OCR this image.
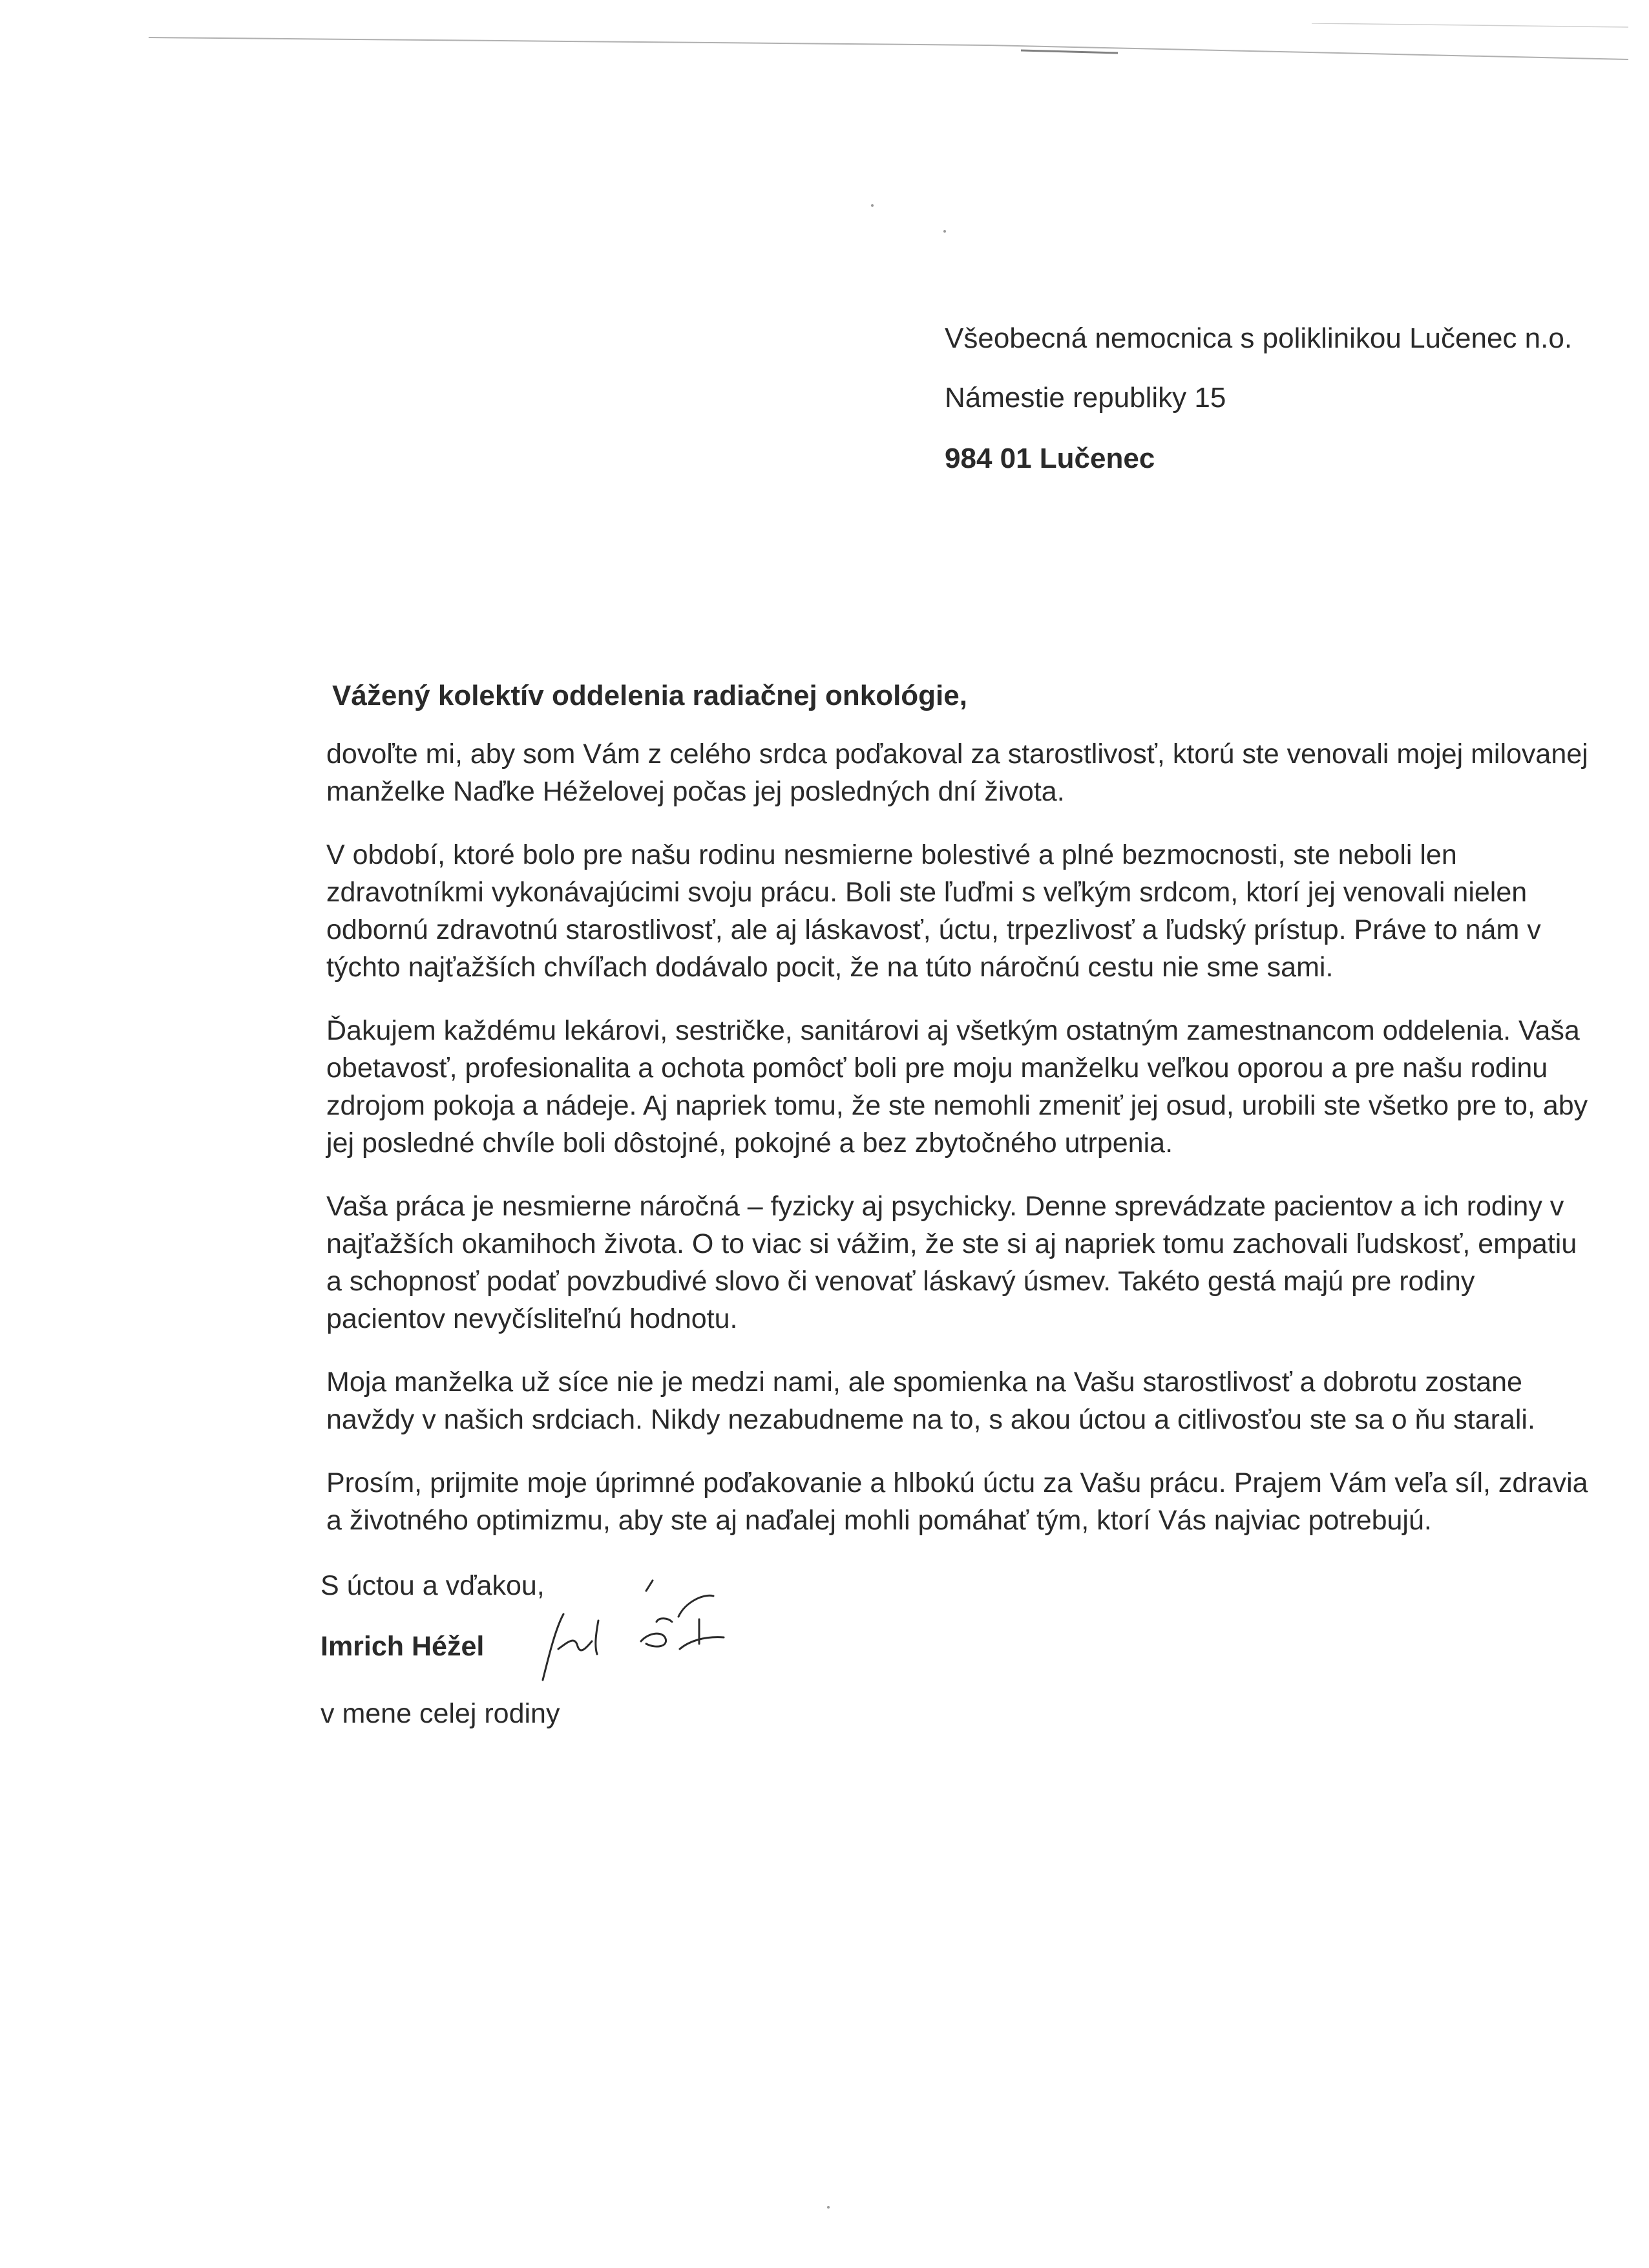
Všeobecná nemocnica s poliklinikou Lučenec n.o.
Námestie republiky 15
984 01 Lučenec
Vážený kolektív oddelenia radiačnej onkológie,

dovoľte mi, aby som Vám z celého srdca poďakoval za starostlivosť, ktorú ste venovali mojej milovanej manželke Naďke Héželovej počas jej posledných dní života.

V období, ktoré bolo pre našu rodinu nesmierne bolestivé a plné bezmocnosti, ste neboli len zdravotníkmi vykonávajúcimi svoju prácu. Boli ste ľuďmi s veľkým srdcom, ktorí jej venovali nielen odbornú zdravotnú starostlivosť, ale aj láskavosť, úctu, trpezlivosť a ľudský prístup. Práve to nám v týchto najťažších chvíľach dodávalo pocit, že na túto náročnú cestu nie sme sami.

Ďakujem každému lekárovi, sestričke, sanitárovi aj všetkým ostatným zamestnancom oddelenia. Vaša obetavosť, profesionalita a ochota pomôcť boli pre moju manželku veľkou oporou a pre našu rodinu zdrojom pokoja a nádeje. Aj napriek tomu, že ste nemohli zmeniť jej osud, urobili ste všetko pre to, aby jej posledné chvíle boli dôstojné, pokojné a bez zbytočného utrpenia.

Vaša práca je nesmierne náročná – fyzicky aj psychicky. Denne sprevádzate pacientov a ich rodiny v najťažších okamihoch života. O to viac si vážim, že ste si aj napriek tomu zachovali ľudskosť, empatiu a schopnosť podať povzbudivé slovo či venovať láskavý úsmev. Takéto gestá majú pre rodiny pacientov nevyčísliteľnú hodnotu.

Moja manželka už síce nie je medzi nami, ale spomienka na Vašu starostlivosť a dobrotu zostane navždy v našich srdciach. Nikdy nezabudneme na to, s akou úctou a citlivosťou ste sa o ňu starali.

Prosím, prijmite moje úprimné poďakovanie a hlbokú úctu za Vašu prácu. Prajem Vám veľa síl, zdravia a životného optimizmu, aby ste aj naďalej mohli pomáhať tým, ktorí Vás najviac potrebujú.

S úctou a vďakou,
Imrich Héžel
v mene celej rodiny
